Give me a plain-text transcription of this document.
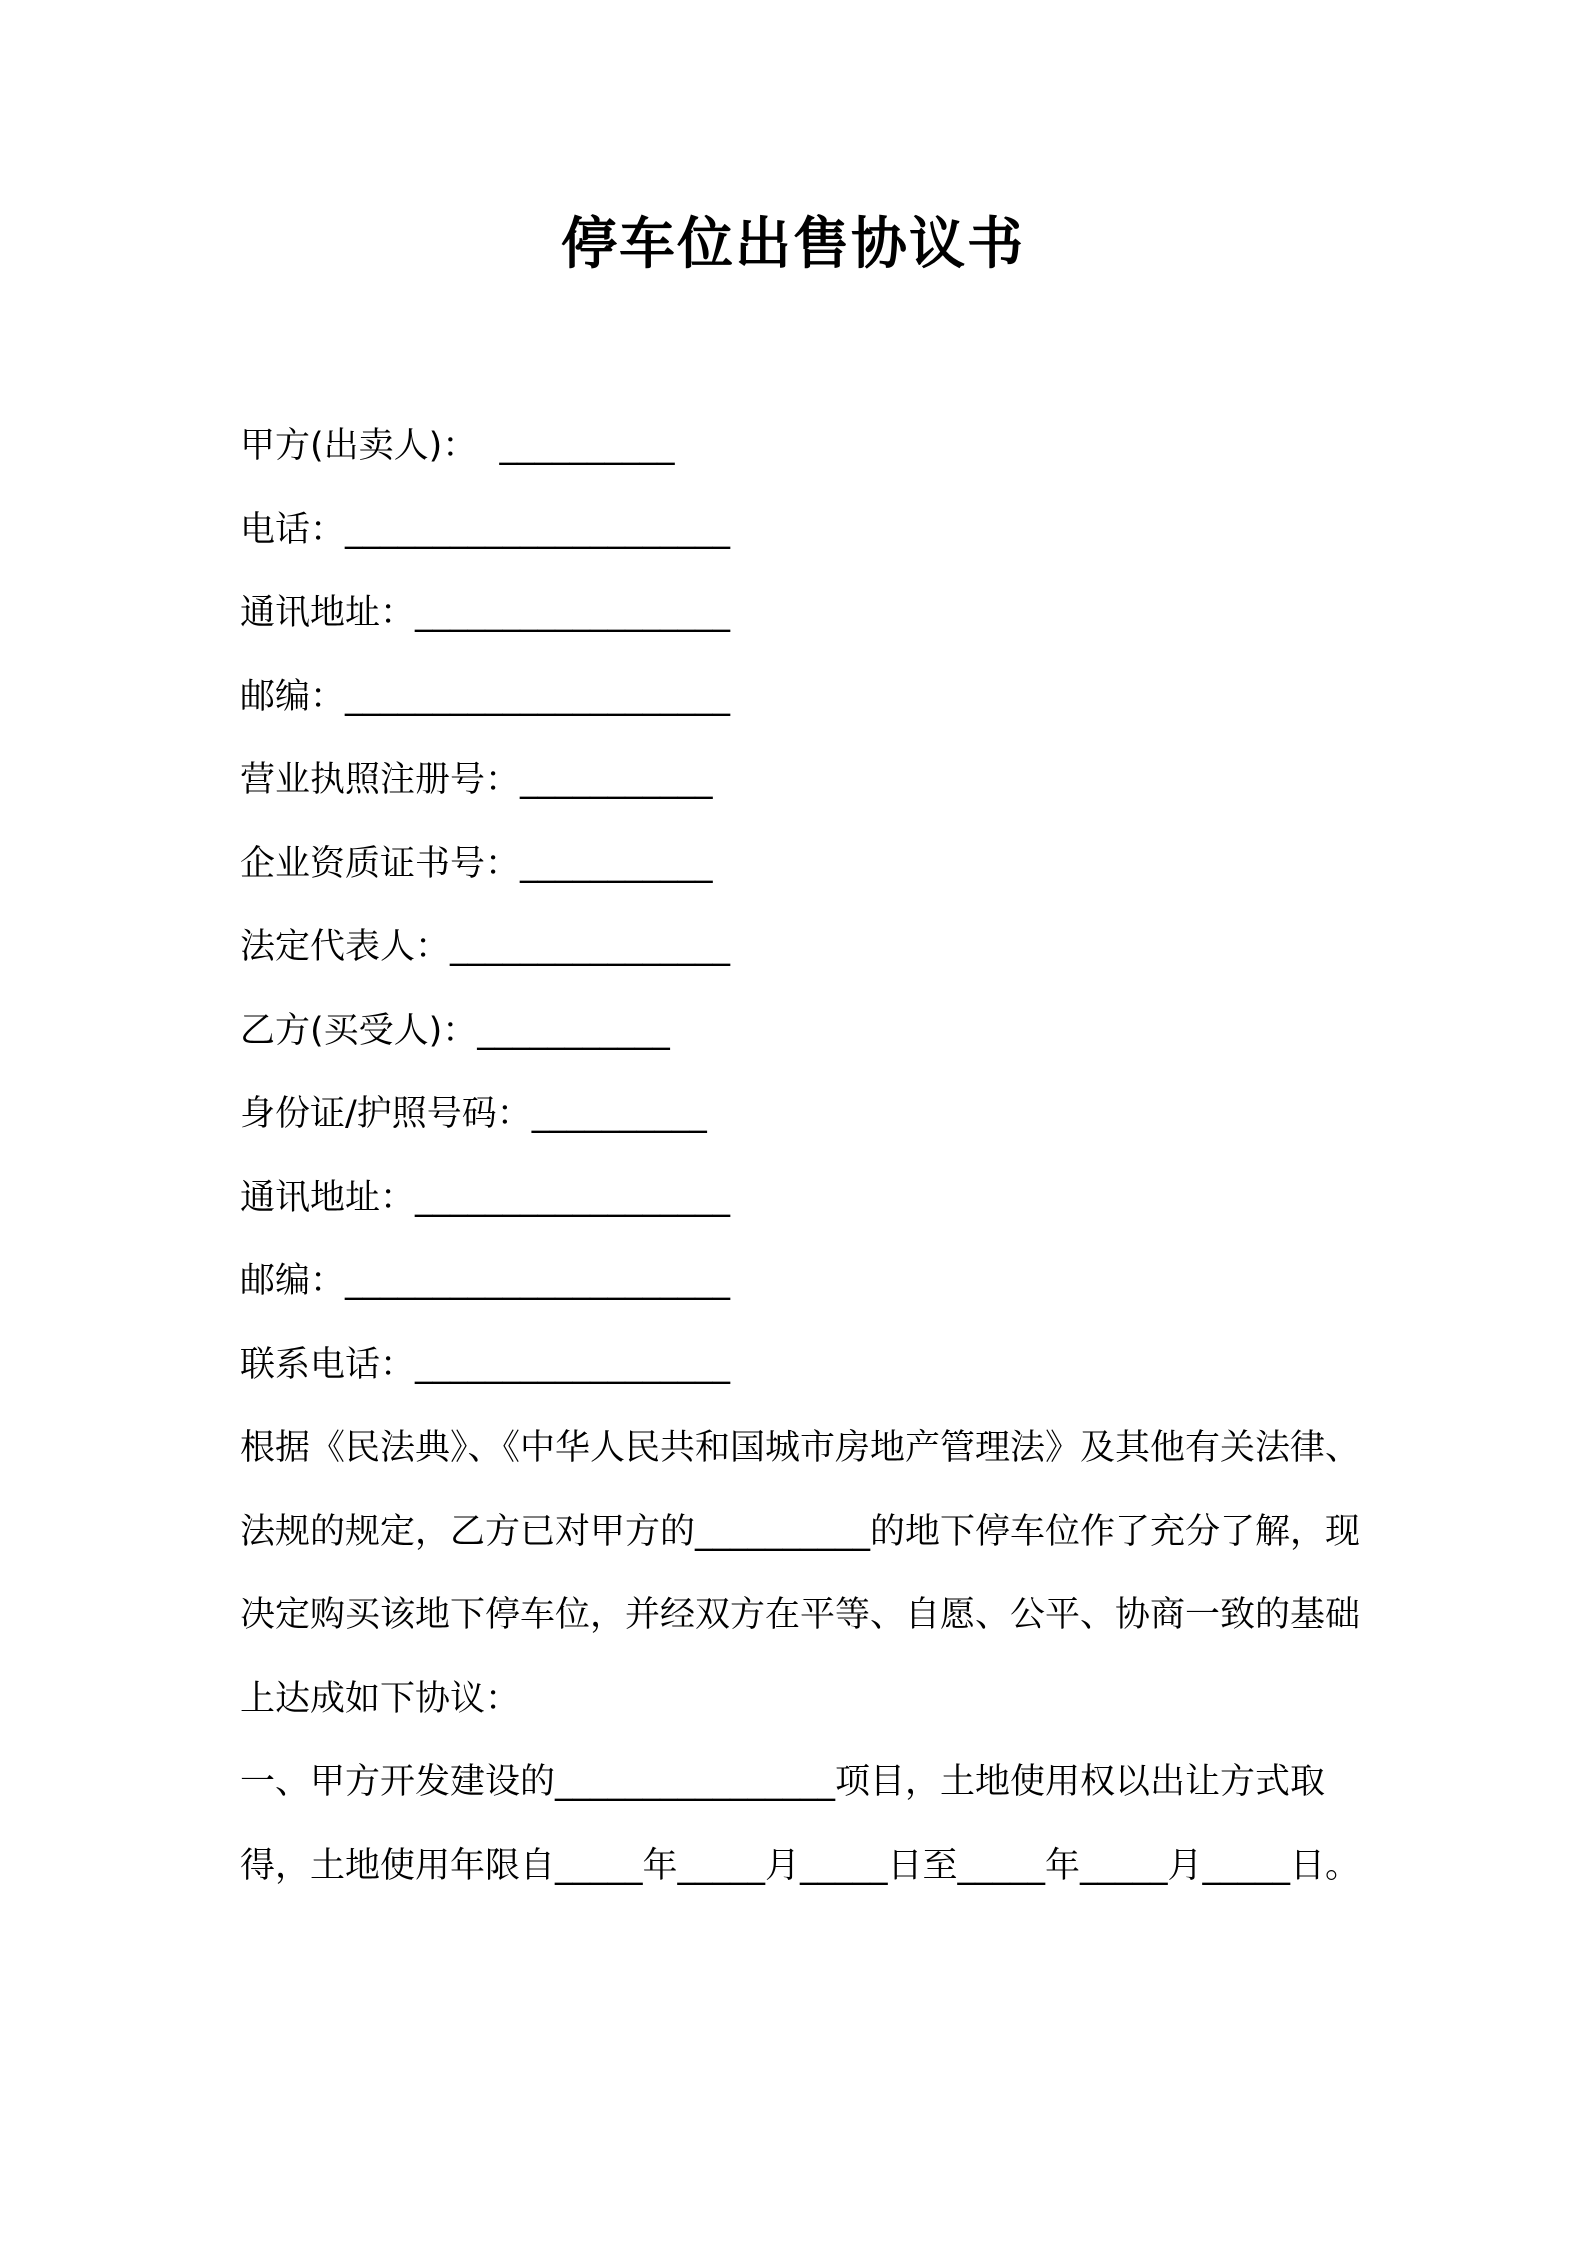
停车位出售协议书
甲方(出卖人)：  __________
电话：______________________
通讯地址：__________________
邮编：______________________
营业执照注册号：___________
企业资质证书号：___________
法定代表人：________________
乙方(买受人)：___________
身份证/护照号码：__________
通讯地址：__________________
邮编：______________________
联系电话：__________________
根据《民法典》、《中华人民共和国城市房地产管理法》及其他有关法律、法规的规定，乙方已对甲方的__________的地下停车位作了充分了解，现决定购买该地下停车位，并经双方在平等、自愿、公平、协商一致的基础上达成如下协议：
一、甲方开发建设的________________项目，土地使用权以出让方式取得，土地使用年限自_____年_____月_____日至_____年_____月_____日。
